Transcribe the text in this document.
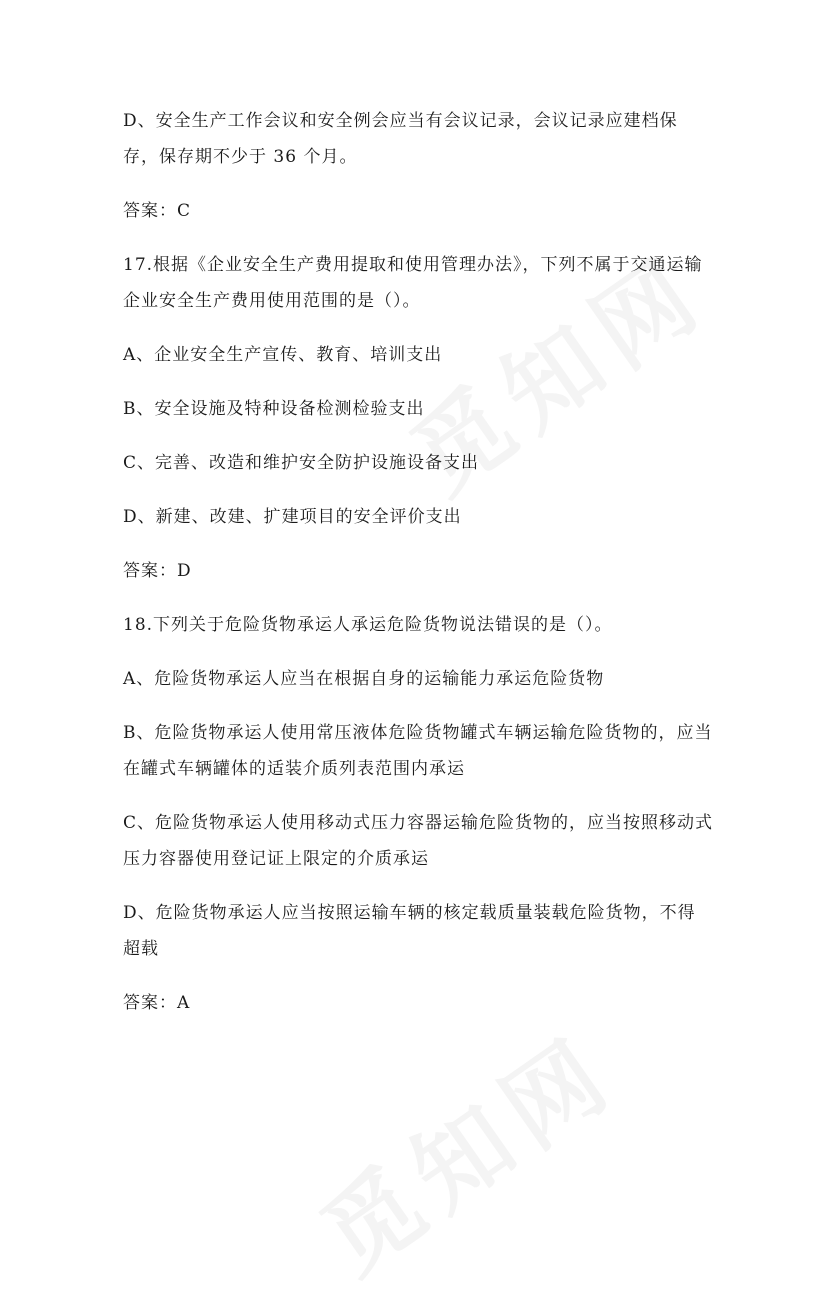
D、安全生产工作会议和安全例会应当有会议记录，会议记录应建档保存，保存期不少于 36 个月。

答案：C

17.根据《企业安全生产费用提取和使用管理办法》，下列不属于交通运输企业安全生产费用使用范围的是（）。

A、企业安全生产宣传、教育、培训支出

B、安全设施及特种设备检测检验支出

C、完善、改造和维护安全防护设施设备支出

D、新建、改建、扩建项目的安全评价支出

答案：D

18.下列关于危险货物承运人承运危险货物说法错误的是（）。

A、危险货物承运人应当在根据自身的运输能力承运危险货物

B、危险货物承运人使用常压液体危险货物罐式车辆运输危险货物的，应当在罐式车辆罐体的适装介质列表范围内承运

C、危险货物承运人使用移动式压力容器运输危险货物的，应当按照移动式压力容器使用登记证上限定的介质承运

D、危险货物承运人应当按照运输车辆的核定载质量装载危险货物，不得超载

答案：A
